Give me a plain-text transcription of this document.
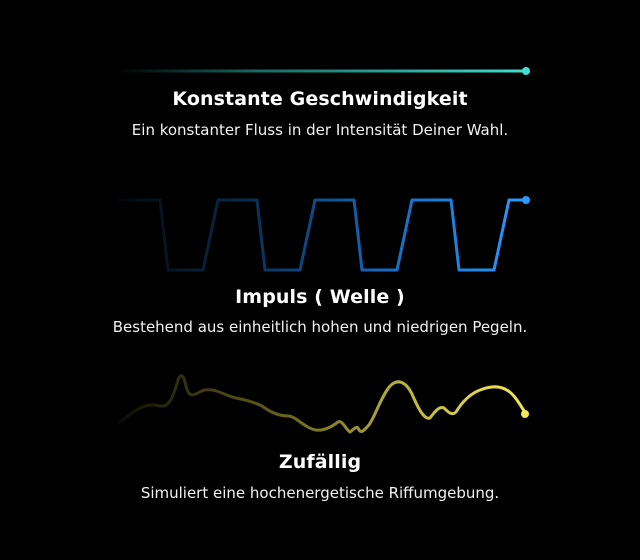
Konstante Geschwindigkeit
Ein konstanter Fluss in der Intensität Deiner Wahl.
Impuls ( Welle )
Bestehend aus einheitlich hohen und niedrigen Pegeln.
Zufällig
Simuliert eine hochenergetische Riffumgebung.
